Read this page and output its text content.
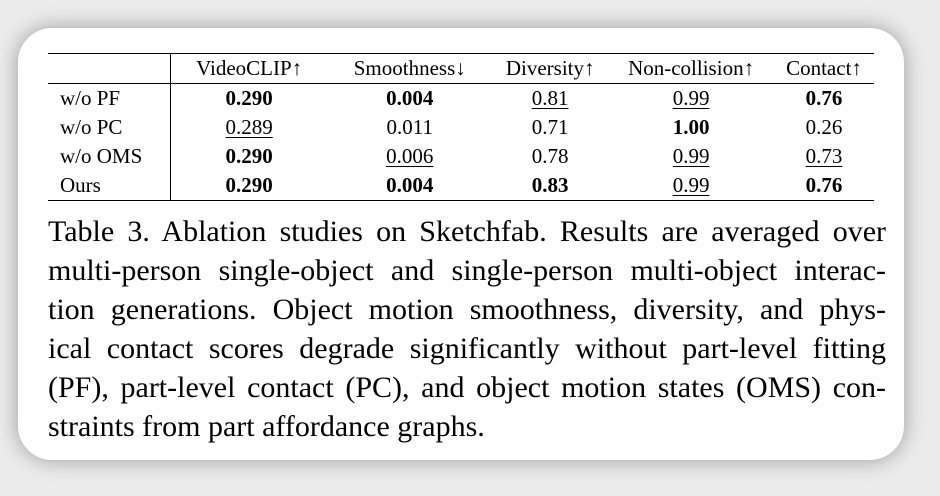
	VideoCLIP↑	Smoothness↓	Diversity↑	Non-collision↑	Contact↑
w/o PF	0.290	0.004	0.81	0.99	0.76
w/o PC	0.289	0.011	0.71	1.00	0.26
w/o OMS	0.290	0.006	0.78	0.99	0.73
Ours	0.290	0.004	0.83	0.99	0.76

Table 3. Ablation studies on Sketchfab. Results are averaged over
multi-person single-object and single-person multi-object interac-
tion generations. Object motion smoothness, diversity, and phys-
ical contact scores degrade significantly without part-level fitting
(PF), part-level contact (PC), and object motion states (OMS) con-
straints from part affordance graphs.
